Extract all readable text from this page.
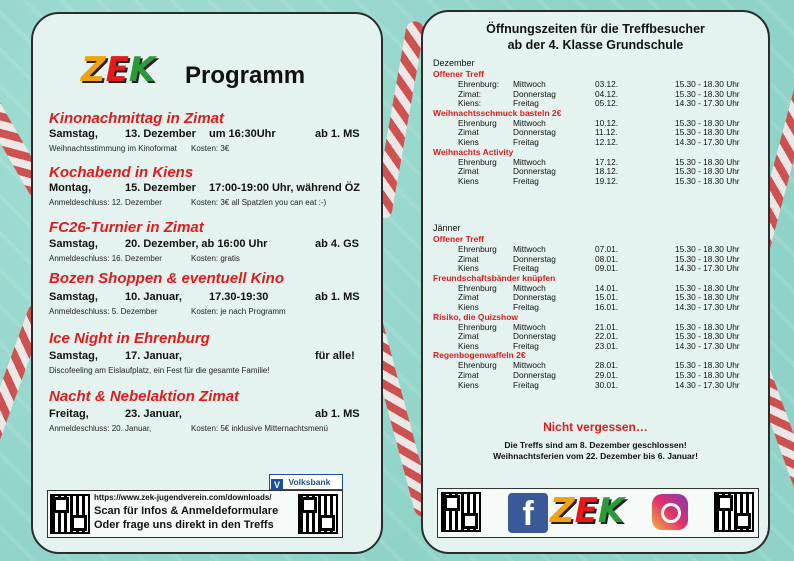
ZEK Programm
Kinonachmittag in Zimat
Samstag, 13. Dezember um 16:30Uhr	ab 1. MS
Weihnachtsstimmung im Kinoformat Kosten: 3€
Kochabend in Kiens
Montag,	15. Dezember 17:00-19:00 Uhr, während ÖZ
Anmeldeschluss: 12. Dezember	Kosten: 3€ all Spatzlen you can eat :-)
FC26-Turnier in Zimat
Samstag, 20. Dezember, ab 16:00 Uhr	ab 4. GS
Anmeldeschluss: 16. Dezember	Kosten: gratis
Bozen Shoppen & eventuell Kino
Samstag, 10. Januar, 17.30-19:30	ab 1. MS
Anmeldeschluss: 5. Dezember	Kosten: je nach Programm
Ice Night in Ehrenburg
Samstag, 17. Januar,	für alle!
Discofeeling am Eislaufplatz, ein Fest für die gesamte Familie!
Nacht & Nebelaktion Zimat
Freitag,	23. Januar,	ab 1. MS
Anmeldeschluss: 20. Januar,	Kosten: 5€ inklusive Mitternachtsmenü
V $^{Volksbank}$
https://www.zek-jugendverein.com/downloads/
Scan für Infos & Anmeldeformulare
Oder frage uns direkt in den Treffs
Öffnungszeiten für die Treffbesucher
ab der 4. Klasse Grundschule
Dezember
Offener Treff
Ehrenburg: Mittwoch	03.12.	15.30 - 18.30 Uhr
Zimat:	Donnerstag	04.12.	15.30 - 18.30 Uhr
Kiens:	Freitag	05.12.	14.30 - 17.30 Uhr
Weihnachtsschmuck basteln 2€
Ehrenburg Mittwoch	10.12.	15.30 - 18.30 Uhr
Zimat	Donnerstag	11.12.	15.30 - 18.30 Uhr
Kiens	Freitag	12.12.	14.30 - 17.30 Uhr
Weihnachts Activity
Ehrenburg Mittwoch	17.12.	15.30 - 18.30 Uhr
Zimat	Donnerstag	18.12.	15.30 - 18.30 Uhr
Kiens	Freitag	19.12.	15.30 - 18.30 Uhr
Jänner
Offener Treff
Ehrenburg Mittwoch	07.01.	15.30 - 18.30 Uhr
Zimat	Donnerstag	08.01.	15.30 - 18.30 Uhr
Kiens	Freitag	09.01.	14.30 - 17.30 Uhr
Freundschaftsbänder knüpfen
Ehrenburg Mittwoch	14.01.	15.30 - 18.30 Uhr
Zimat	Donnerstag	15.01.	15.30 - 18.30 Uhr
Kiens	Freitag	16.01.	14.30 - 17.30 Uhr
Risiko, die Quizshow
Ehrenburg Mittwoch	21.01.	15.30 - 18.30 Uhr
Zimat	Donnerstag	22.01.	15.30 - 18.30 Uhr
Kiens	Freitag	23.01.	14.30 - 17.30 Uhr
Regenbogenwaffeln 2€
Ehrenburg Mittwoch	28.01.	15.30 - 18.30 Uhr
Zimat	Donnerstag	29.01.	15.30 - 18.30 Uhr
Kiens	Freitag	30.01.	14.30 - 17.30 Uhr
Nicht vergessen…
Die Treffs sind am 8. Dezember geschlossen!
Weihnachtsferien vom 22. Dezember bis 6. Januar!
f ZEK
